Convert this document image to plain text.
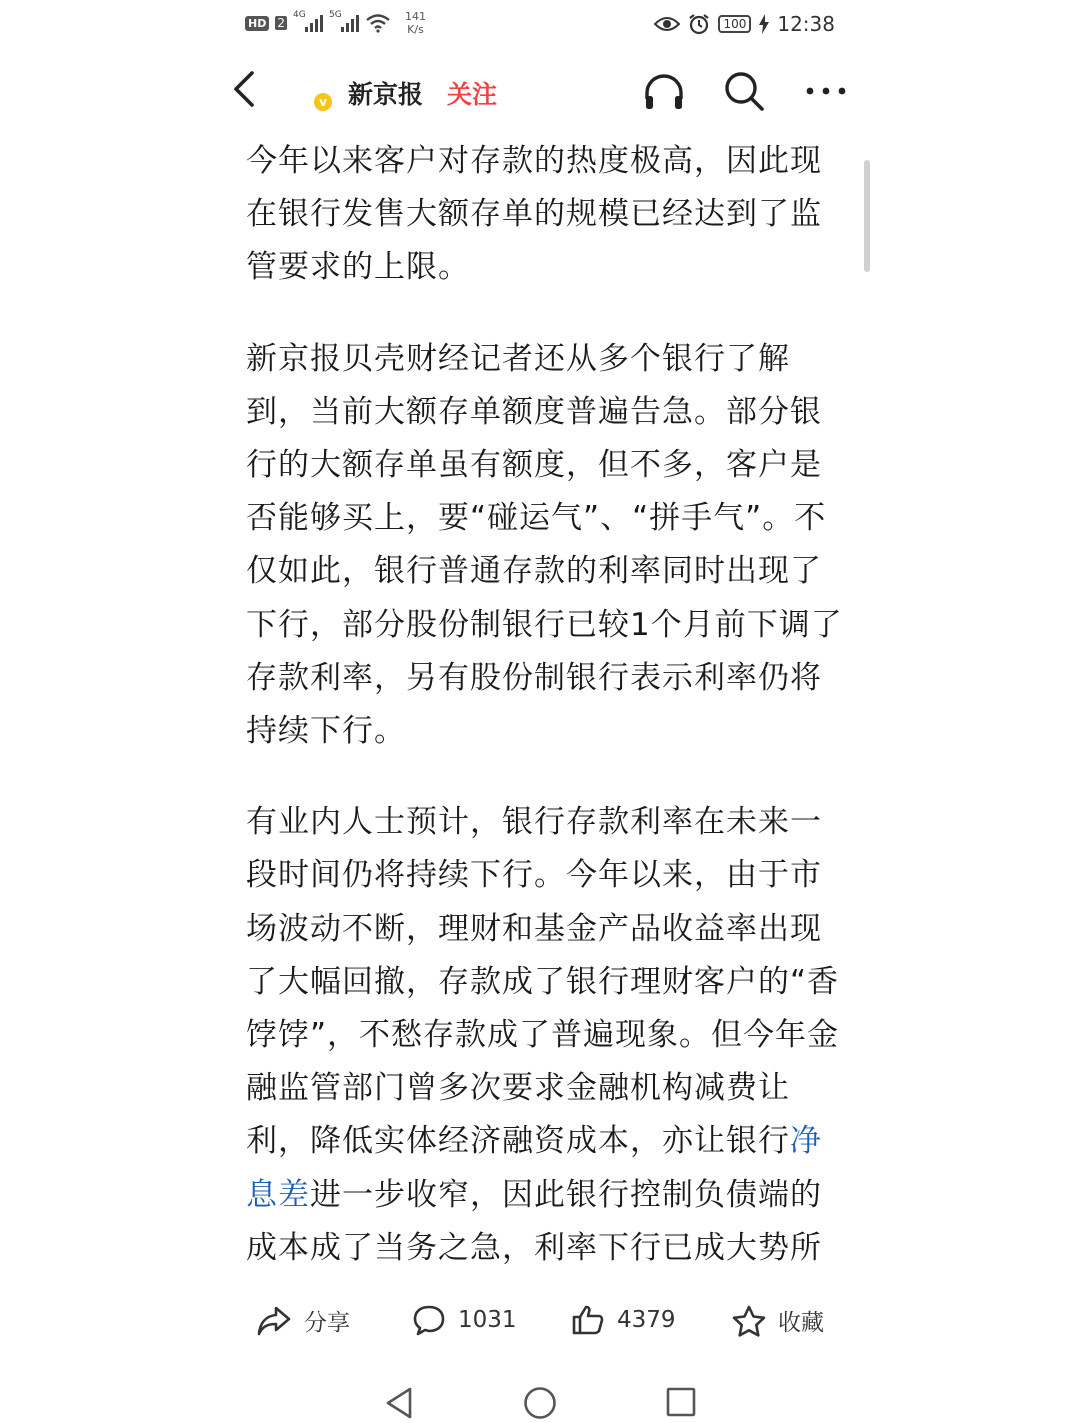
HD 2
4G	5G	141
K/s	100 12:38
v 新京报 关注

今年以来客户对存款的热度极高，因此现在银行发售大额存单的规模已经达到了监管要求的上限。

新京报贝壳财经记者还从多个银行了解到，当前大额存单额度普遍告急。部分银行的大额存单虽有额度，但不多，客户是否能够买上，要“碰运气”、“拼手气”。不仅如此，银行普通存款的利率同时出现了下行，部分股份制银行已较1个月前下调了存款利率，另有股份制银行表示利率仍将持续下行。

有业内人士预计，银行存款利率在未来一段时间仍将持续下行。今年以来，由于市场波动不断，理财和基金产品收益率出现了大幅回撤，存款成了银行理财客户的“香饽饽”，不愁存款成了普遍现象。但今年金融监管部门曾多次要求金融机构减费让利，降低实体经济融资成本，亦让银行净息差进一步收窄，因此银行控制负债端的成本成了当务之急，利率下行已成大势所

分享	1031	4379	收藏
